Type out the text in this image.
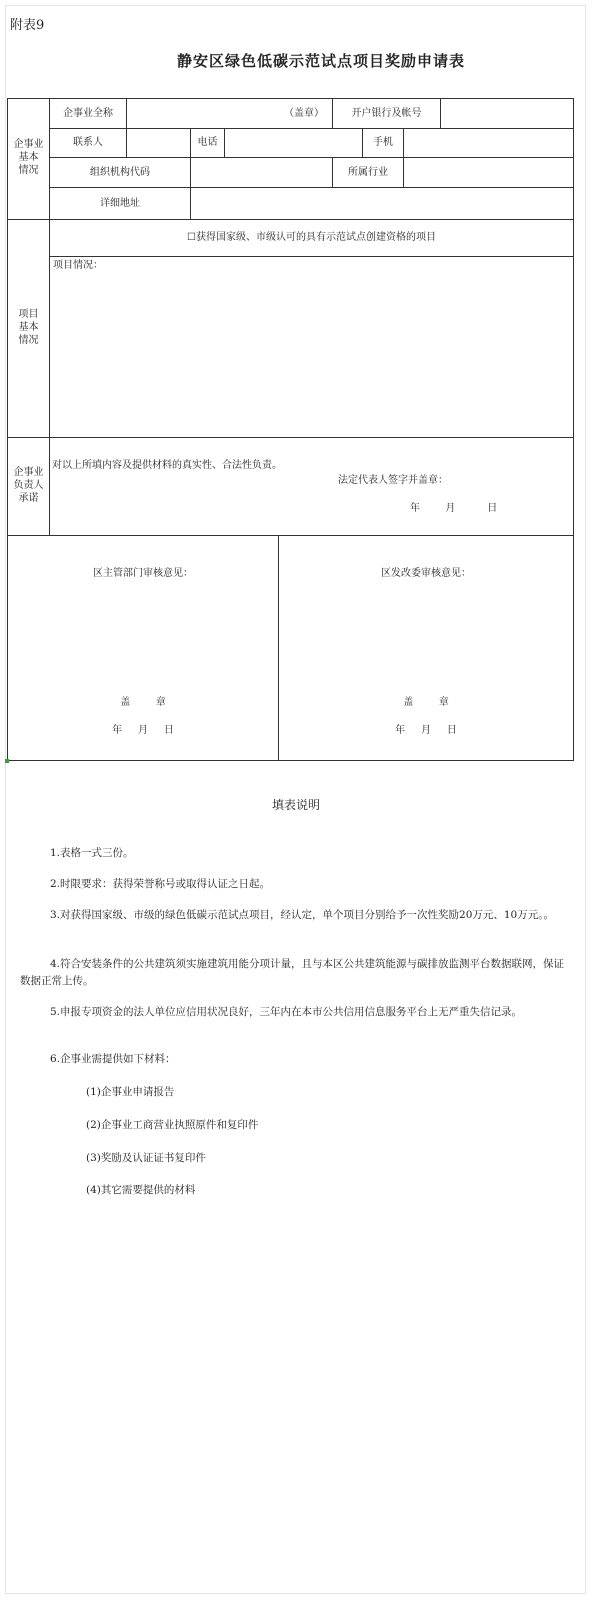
附表9
静安区绿色低碳示范试点项目奖励申请表
企事业
基本
情况
企事业全称	（盖章）	开户银行及帐号
联系人	电话	手机
组织机构代码	所属行业
详细地址
项目
基本
情况
☐获得国家级、市级认可的具有示范试点创建资格的项目
项目情况：
企事业
负责人
承诺
对以上所填内容及提供材料的真实性、合法性负责。
法定代表人签字并盖章：
年        月          日
区主管部门审核意见：
盖        章
年     月     日
区发改委审核意见：
盖        章
年     月     日
填表说明
1.表格一式三份。
2.时限要求：获得荣誉称号或取得认证之日起。
3.对获得国家级、市级的绿色低碳示范试点项目，经认定，单个项目分别给予一次性奖励20万元、10万元。。
4.符合安装条件的公共建筑须实施建筑用能分项计量，且与本区公共建筑能源与碳排放监测平台数据联网，保证数据正常上传。
5.申报专项资金的法人单位应信用状况良好，三年内在本市公共信用信息服务平台上无严重失信记录。
6.企事业需提供如下材料：
(1)企事业申请报告
(2)企事业工商营业执照原件和复印件
(3)奖励及认证证书复印件
(4)其它需要提供的材料
